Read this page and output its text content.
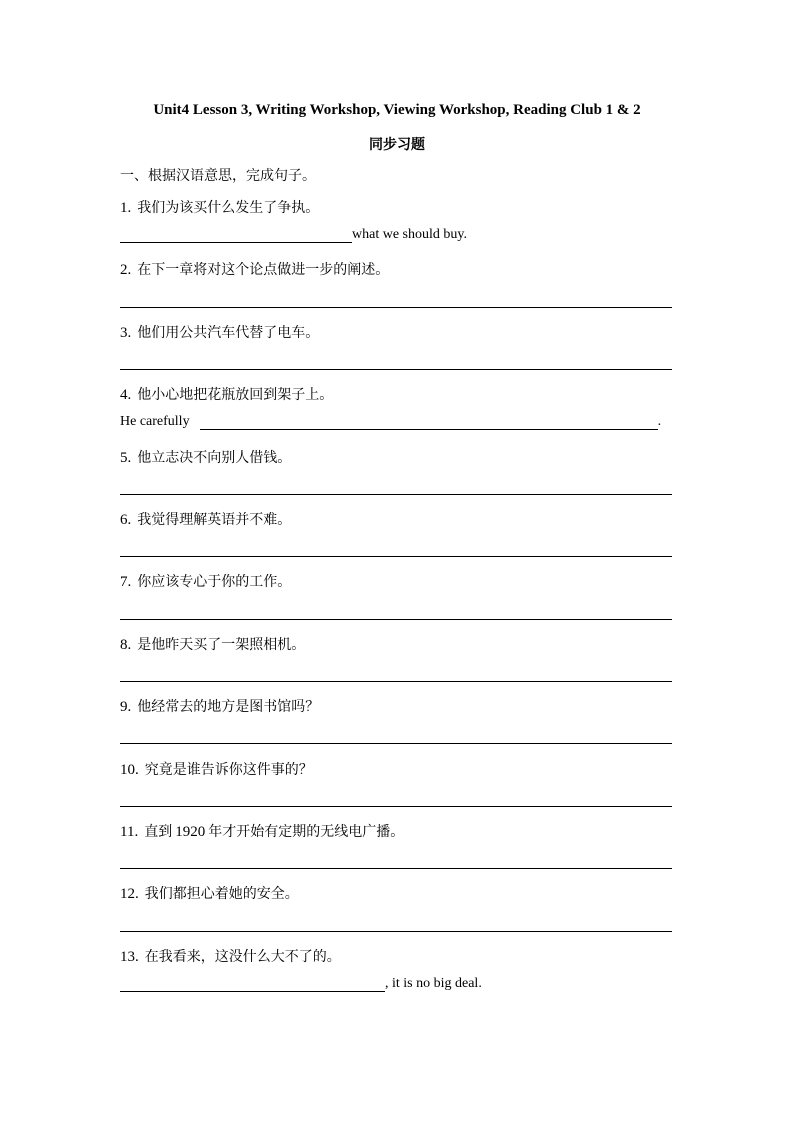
Unit4 Lesson 3, Writing Workshop, Viewing Workshop, Reading Club 1 & 2
同步习题
一、根据汉语意思，完成句子。
1. 我们为该买什么发生了争执。
what we should buy.
2. 在下一章将对这个论点做进一步的阐述。
3. 他们用公共汽车代替了电车。
4. 他小心地把花瓶放回到架子上。
He carefully	.
5. 他立志决不向别人借钱。
6. 我觉得理解英语并不难。
7. 你应该专心于你的工作。
8. 是他昨天买了一架照相机。
9. 他经常去的地方是图书馆吗？
10. 究竟是谁告诉你这件事的？
11. 直到 1920 年才开始有定期的无线电广播。
12. 我们都担心着她的安全。
13. 在我看来，这没什么大不了的。
, it is no big deal.
